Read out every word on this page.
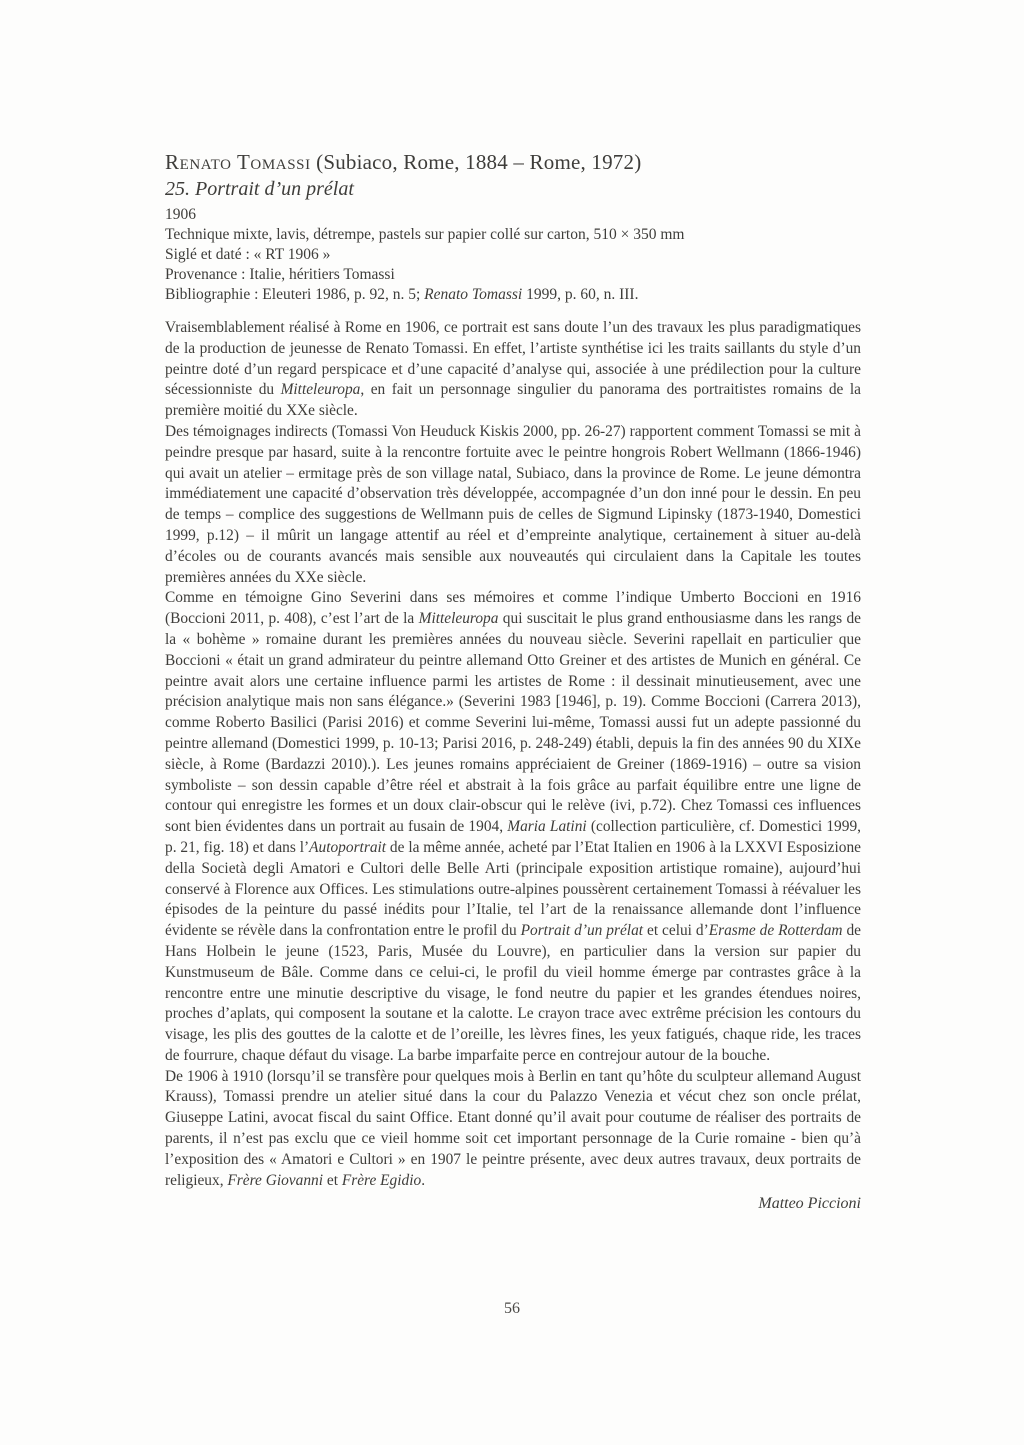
Renato Tomassi (Subiaco, Rome, 1884 – Rome, 1972)
25. Portrait d’un prélat
1906
Technique mixte, lavis, détrempe, pastels sur papier collé sur carton, 510 × 350 mm
Siglé et daté : « RT 1906 »
Provenance : Italie, héritiers Tomassi
Bibliographie : Eleuteri 1986, p. 92, n. 5; Renato Tomassi 1999, p. 60, n. III.

Vraisemblablement réalisé à Rome en 1906, ce portrait est sans doute l’un des travaux les plus paradigmatiques de la production de jeunesse de Renato Tomassi. En effet, l’artiste synthétise ici les traits saillants du style d’un peintre doté d’un regard perspicace et d’une capacité d’analyse qui, associée à une prédilection pour la culture sécessionniste du Mitteleuropa, en fait un personnage singulier du panorama des portraitistes romains de la première moitié du XXe siècle.

Des témoignages indirects (Tomassi Von Heuduck Kiskis 2000, pp. 26-27) rapportent comment Tomassi se mit à peindre presque par hasard, suite à la rencontre fortuite avec le peintre hongrois Robert Wellmann (1866-1946) qui avait un atelier – ermitage près de son village natal, Subiaco, dans la province de Rome. Le jeune démontra immédiatement une capacité d’observation très développée, accompagnée d’un don inné pour le dessin. En peu de temps – complice des suggestions de Wellmann puis de celles de Sigmund Lipinsky (1873-1940, Domestici 1999, p.12) – il mûrit un langage attentif au réel et d’empreinte analytique, certainement à situer au-delà d’écoles ou de courants avancés mais sensible aux nouveautés qui circulaient dans la Capitale les toutes premières années du XXe siècle.

Comme en témoigne Gino Severini dans ses mémoires et comme l’indique Umberto Boccioni en 1916 (Boccioni 2011, p. 408), c’est l’art de la Mitteleuropa qui suscitait le plus grand enthousiasme dans les rangs de la « bohème » romaine durant les premières années du nouveau siècle. Severini rapellait en particulier que Boccioni « était un grand admirateur du peintre allemand Otto Greiner et des artistes de Munich en général. Ce peintre avait alors une certaine influence parmi les artistes de Rome : il dessinait minutieusement, avec une précision analytique mais non sans élégance.» (Severini 1983 [1946], p. 19). Comme Boccioni (Carrera 2013), comme Roberto Basilici (Parisi 2016) et comme Severini lui-même, Tomassi aussi fut un adepte passionné du peintre allemand (Domestici 1999, p. 10-13; Parisi 2016, p. 248-249) établi, depuis la fin des années 90 du XIXe siècle, à Rome (Bardazzi 2010).). Les jeunes romains appréciaient de Greiner (1869-1916) – outre sa vision symboliste – son dessin capable d’être réel et abstrait à la fois grâce au parfait équilibre entre une ligne de contour qui enregistre les formes et un doux clair-obscur qui le relève (ivi, p.72). Chez Tomassi ces influences sont bien évidentes dans un portrait au fusain de 1904, Maria Latini (collection particulière, cf. Domestici 1999, p. 21, fig. 18) et dans l’Autoportrait de la même année, acheté par l’Etat Italien en 1906 à la LXXVI Esposizione della Società degli Amatori e Cultori delle Belle Arti (principale exposition artistique romaine), aujourd’hui conservé à Florence aux Offices. Les stimulations outre-alpines poussèrent certainement Tomassi à réévaluer les épisodes de la peinture du passé inédits pour l’Italie, tel l’art de la renaissance allemande dont l’influence évidente se révèle dans la confrontation entre le profil du Portrait d’un prélat et celui d’Erasme de Rotterdam de Hans Holbein le jeune (1523, Paris, Musée du Louvre), en particulier dans la version sur papier du Kunstmuseum de Bâle. Comme dans ce celui-ci, le profil du vieil homme émerge par contrastes grâce à la rencontre entre une minutie descriptive du visage, le fond neutre du papier et les grandes étendues noires, proches d’aplats, qui composent la soutane et la calotte. Le crayon trace avec extrême précision les contours du visage, les plis des gouttes de la calotte et de l’oreille, les lèvres fines, les yeux fatigués, chaque ride, les traces de fourrure, chaque défaut du visage. La barbe imparfaite perce en contrejour autour de la bouche.

De 1906 à 1910 (lorsqu’il se transfère pour quelques mois à Berlin en tant qu’hôte du sculpteur allemand August Krauss), Tomassi prendre un atelier situé dans la cour du Palazzo Venezia et vécut chez son oncle prélat, Giuseppe Latini, avocat fiscal du saint Office. Etant donné qu’il avait pour coutume de réaliser des portraits de parents, il n’est pas exclu que ce vieil homme soit cet important personnage de la Curie romaine - bien qu’à l’exposition des « Amatori e Cultori » en 1907 le peintre présente, avec deux autres travaux, deux portraits de religieux, Frère Giovanni et Frère Egidio.

Matteo Piccioni
56
